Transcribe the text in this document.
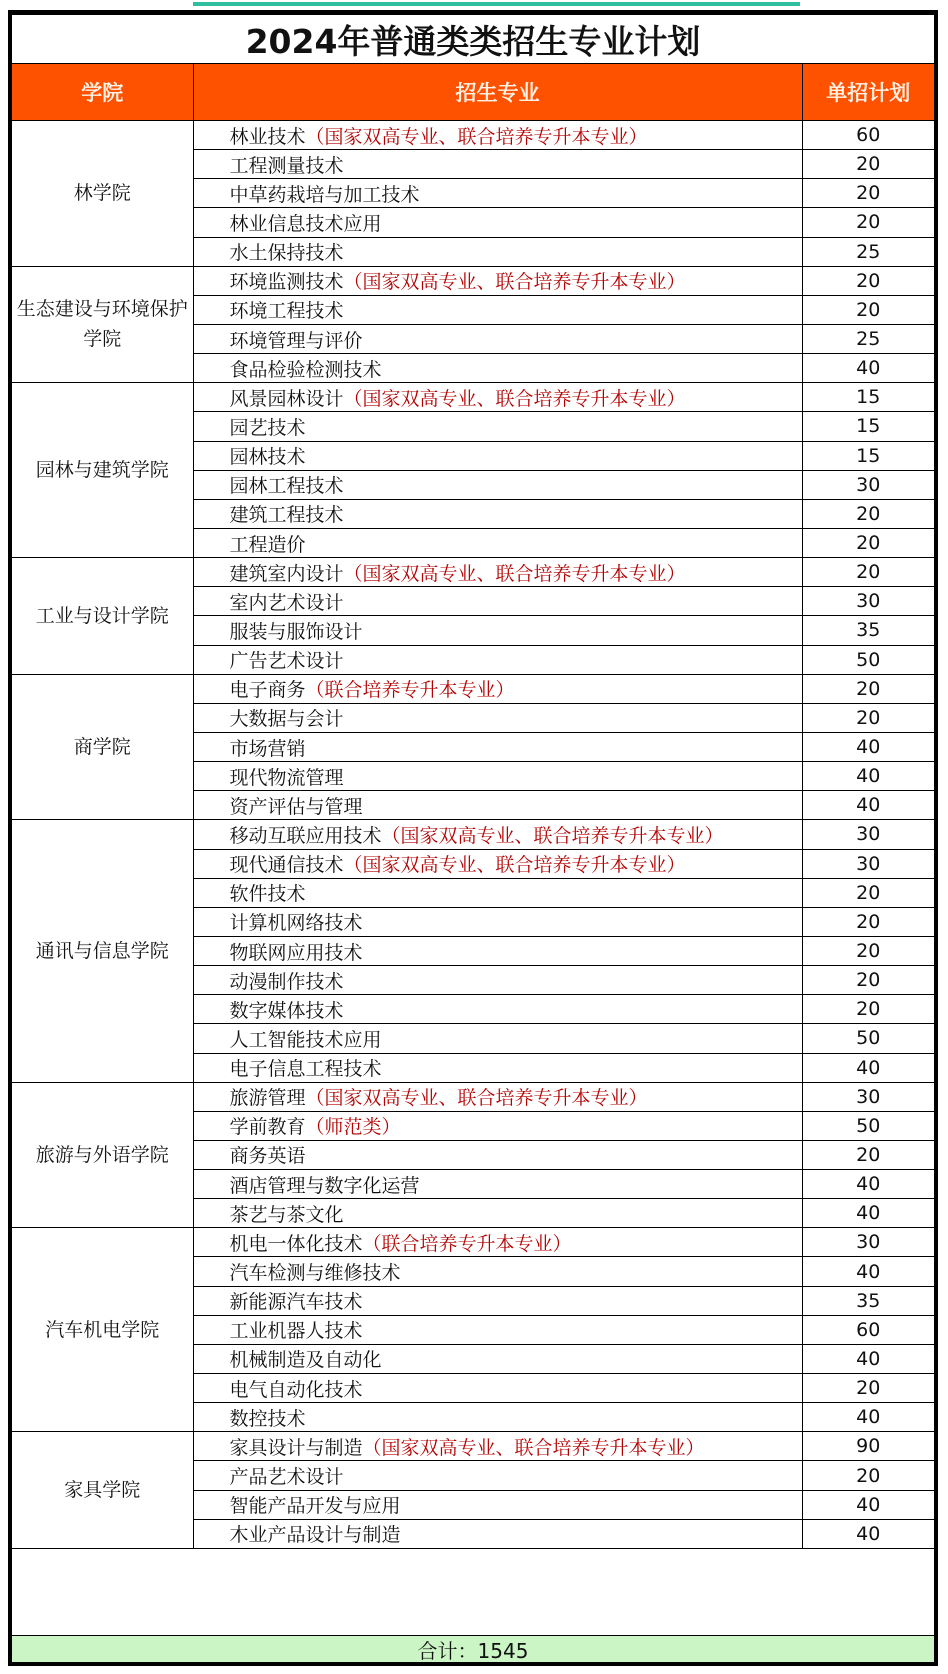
2024年普通类类招生专业计划
学院	招生专业	单招计划
林学院	林业技术（国家双高专业、联合培养专升本专业）	60
	工程测量技术	20
	中草药栽培与加工技术	20
	林业信息技术应用	20
	水土保持技术	25
生态建设与环境保护学院	环境监测技术（国家双高专业、联合培养专升本专业）	20
	环境工程技术	20
	环境管理与评价	25
	食品检验检测技术	40
园林与建筑学院	风景园林设计（国家双高专业、联合培养专升本专业）	15
	园艺技术	15
	园林技术	15
	园林工程技术	30
	建筑工程技术	20
	工程造价	20
工业与设计学院	建筑室内设计（国家双高专业、联合培养专升本专业）	20
	室内艺术设计	30
	服装与服饰设计	35
	广告艺术设计	50
商学院	电子商务（联合培养专升本专业）	20
	大数据与会计	20
	市场营销	40
	现代物流管理	40
	资产评估与管理	40
通讯与信息学院	移动互联应用技术（国家双高专业、联合培养专升本专业）	30
	现代通信技术（国家双高专业、联合培养专升本专业）	30
	软件技术	20
	计算机网络技术	20
	物联网应用技术	20
	动漫制作技术	20
	数字媒体技术	20
	人工智能技术应用	50
	电子信息工程技术	40
旅游与外语学院	旅游管理（国家双高专业、联合培养专升本专业）	30
	学前教育（师范类）	50
	商务英语	20
	酒店管理与数字化运营	40
	茶艺与茶文化	40
汽车机电学院	机电一体化技术（联合培养专升本专业）	30
	汽车检测与维修技术	40
	新能源汽车技术	35
	工业机器人技术	60
	机械制造及自动化	40
	电气自动化技术	20
	数控技术	40
家具学院	家具设计与制造（国家双高专业、联合培养专升本专业）	90
	产品艺术设计	20
	智能产品开发与应用	40
	木业产品设计与制造	40
合计：1545
